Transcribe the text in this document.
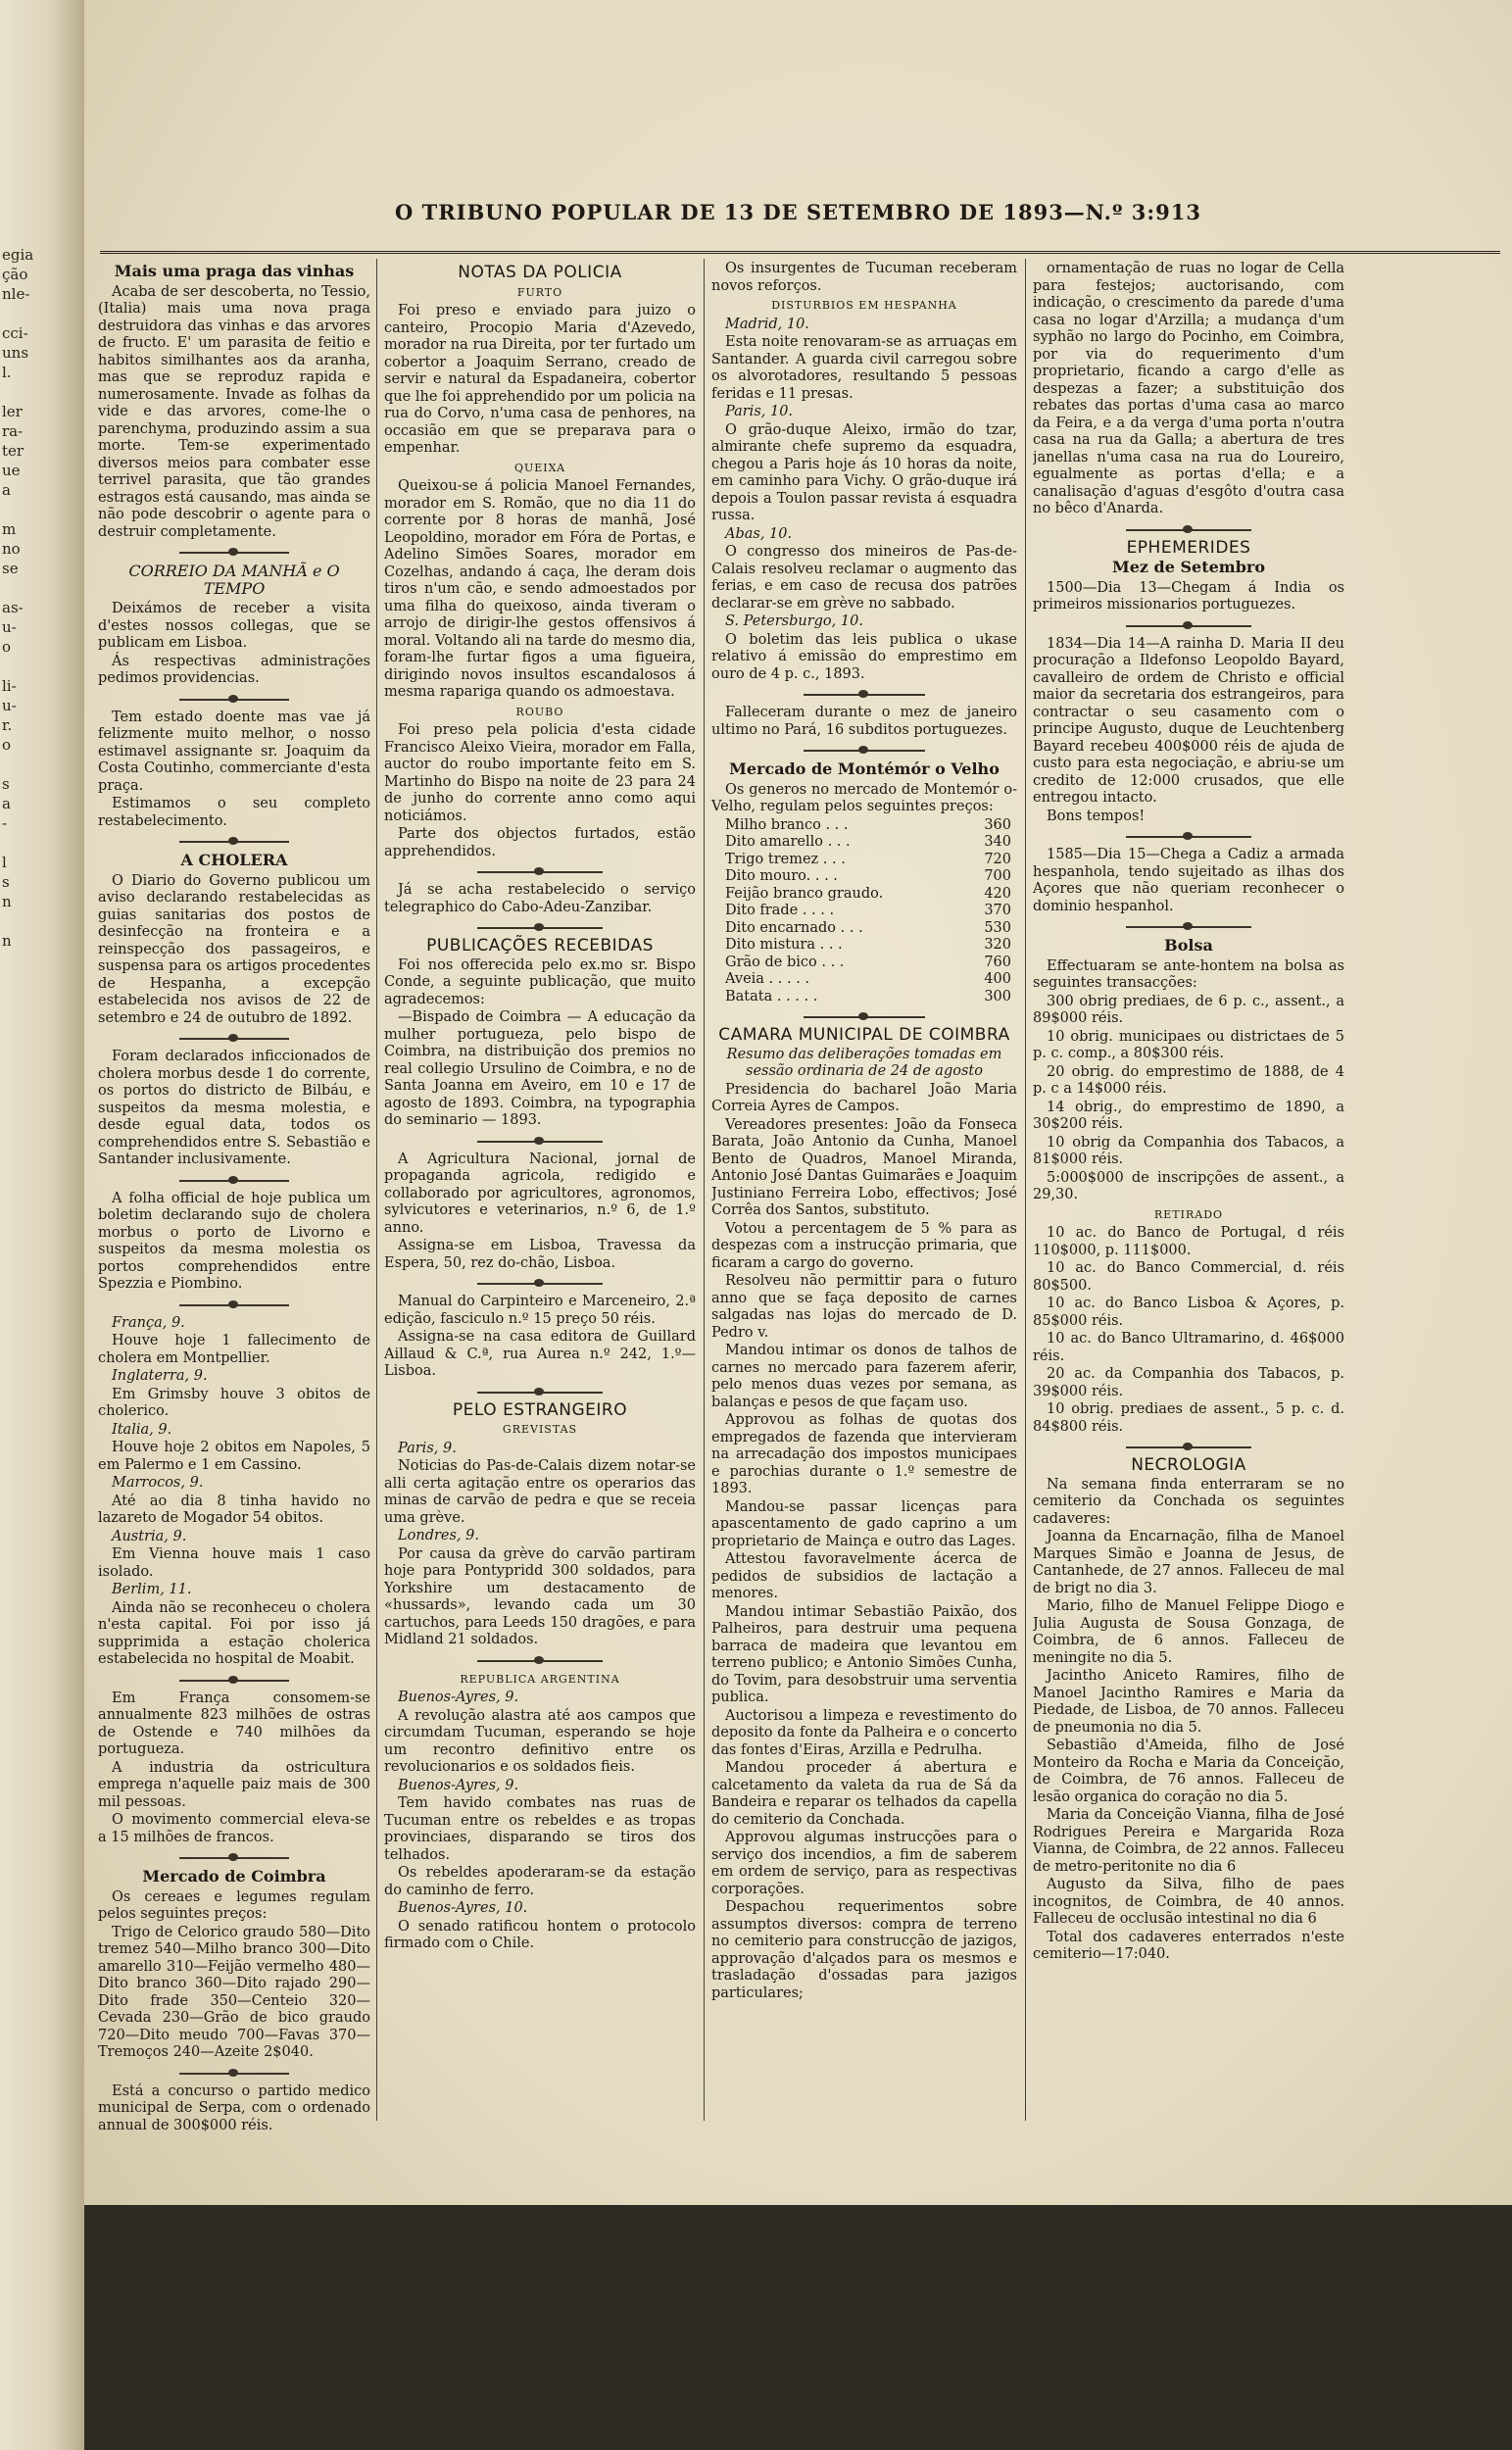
egia
ção
nle-

cci-
uns
l.

ler
ra-
ter
ue
a

m
no
se

as-
u-
o

li-
u-
r.
o

s
a
-

l
s
n

n
O TRIBUNO POPULAR DE 13 DE SETEMBRO DE 1893—N.º 3:913
Mais uma praga das vinhas
Acaba de ser descoberta, no Tessio, (Italia) mais uma nova praga destruidora das vinhas e das arvores de fructo. E' um parasita de feitio e habitos similhantes aos da aranha, mas que se reproduz rapida e numerosamente. Invade as folhas da vide e das arvores, come-lhe o parenchyma, produzindo assim a sua morte. Tem-se experimentado diversos meios para combater esse terrivel parasita, que tão grandes estragos está causando, mas ainda se não pode descobrir o agente para o destruir completamente.
CORREIO DA MANHÃ e O TEMPO
Deixámos de receber a visita d'estes nossos collegas, que se publicam em Lisboa.
Ás respectivas administrações pedimos providencias.
Tem estado doente mas vae já felizmente muito melhor, o nosso estimavel assignante sr. Joaquim da Costa Coutinho, commerciante d'esta praça.
Estimamos o seu completo restabelecimento.
A CHOLERA
O Diario do Governo publicou um aviso declarando restabelecidas as guias sanitarias dos postos de desinfecção na fronteira e a reinspecção dos passageiros, e suspensa para os artigos procedentes de Hespanha, a excepção estabelecida nos avisos de 22 de setembro e 24 de outubro de 1892.
Foram declarados inficcionados de cholera morbus desde 1 do corrente, os portos do districto de Bilbáu, e suspeitos da mesma molestia, e desde egual data, todos os comprehendidos entre S. Sebastião e Santander inclusivamente.
A folha official de hoje publica um boletim declarando sujo de cholera morbus o porto de Livorno e suspeitos da mesma molestia os portos comprehendidos entre Spezzia e Piombino.
França, 9.
Houve hoje 1 fallecimento de cholera em Montpellier.
Inglaterra, 9.
Em Grimsby houve 3 obitos de cholerico.
Italia, 9.
Houve hoje 2 obitos em Napoles, 5 em Palermo e 1 em Cassino.
Marrocos, 9.
Até ao dia 8 tinha havido no lazareto de Mogador 54 obitos.
Austria, 9.
Em Vienna houve mais 1 caso isolado.
Berlim, 11.
Ainda não se reconheceu o cholera n'esta capital. Foi por isso já supprimida a estação cholerica estabelecida no hospital de Moabit.
Em França consomem-se annualmente 823 milhões de ostras de Ostende e 740 milhões da portugueza.
A industria da ostricultura emprega n'aquelle paiz mais de 300 mil pessoas.
O movimento commercial eleva-se a 15 milhões de francos.
Mercado de Coimbra
Os cereaes e legumes regulam pelos seguintes preços:
Trigo de Celorico graudo 580—Dito tremez 540—Milho branco 300—Dito amarello 310—Feijão vermelho 480—Dito branco 360—Dito rajado 290—Dito frade 350—Centeio 320—Cevada 230—Grão de bico graudo 720—Dito meudo 700—Favas 370—Tremoços 240—Azeite 2$040.
Está a concurso o partido medico municipal de Serpa, com o ordenado annual de 300$000 réis.
NOTAS DA POLICIA
FURTO
Foi preso e enviado para juizo o canteiro, Procopio Maria d'Azevedo, morador na rua Direita, por ter furtado um cobertor a Joaquim Serrano, creado de servir e natural da Espadaneira, cobertor que lhe foi apprehendido por um policia na rua do Corvo, n'uma casa de penhores, na occasião em que se preparava para o empenhar.
QUEIXA
Queixou-se á policia Manoel Fernandes, morador em S. Romão, que no dia 11 do corrente por 8 horas de manhã, José Leopoldino, morador em Fóra de Portas, e Adelino Simões Soares, morador em Cozelhas, andando á caça, lhe deram dois tiros n'um cão, e sendo admoestados por uma filha do queixoso, ainda tiveram o arrojo de dirigir-lhe gestos offensivos á moral. Voltando ali na tarde do mesmo dia, foram-lhe furtar figos a uma figueira, dirigindo novos insultos escandalosos á mesma rapariga quando os admoestava.
ROUBO
Foi preso pela policia d'esta cidade Francisco Aleixo Vieira, morador em Falla, auctor do roubo importante feito em S. Martinho do Bispo na noite de 23 para 24 de junho do corrente anno como aqui noticiámos.
Parte dos objectos furtados, estão apprehendidos.
Já se acha restabelecido o serviço telegraphico do Cabo-Adeu-Zanzibar.
PUBLICAÇÕES RECEBIDAS
Foi nos offerecida pelo ex.mo sr. Bispo Conde, a seguinte publicação, que muito agradecemos:
—Bispado de Coimbra — A educação da mulher portugueza, pelo bispo de Coimbra, na distribuição dos premios no real collegio Ursulino de Coimbra, e no de Santa Joanna em Aveiro, em 10 e 17 de agosto de 1893. Coimbra, na typographia do seminario — 1893.
A Agricultura Nacional, jornal de propaganda agricola, redigido e collaborado por agricultores, agronomos, sylvicutores e veterinarios, n.º 6, de 1.º anno.
Assigna-se em Lisboa, Travessa da Espera, 50, rez do-chão, Lisboa.
Manual do Carpinteiro e Marceneiro, 2.ª edição, fasciculo n.º 15 preço 50 réis.
Assigna-se na casa editora de Guillard Aillaud & C.ª, rua Aurea n.º 242, 1.º—Lisboa.
PELO ESTRANGEIRO
GREVISTAS
Paris, 9.
Noticias do Pas-de-Calais dizem notar-se alli certa agitação entre os operarios das minas de carvão de pedra e que se receia uma grève.
Londres, 9.
Por causa da grève do carvão partiram hoje para Pontypridd 300 soldados, para Yorkshire um destacamento de «hussards», levando cada um 30 cartuchos, para Leeds 150 dragões, e para Midland 21 soldados.
REPUBLICA ARGENTINA
Buenos-Ayres, 9.
A revolução alastra até aos campos que circumdam Tucuman, esperando se hoje um recontro definitivo entre os revolucionarios e os soldados fieis.
Buenos-Ayres, 9.
Tem havido combates nas ruas de Tucuman entre os rebeldes e as tropas provinciaes, disparando se tiros dos telhados.
Os rebeldes apoderaram-se da estação do caminho de ferro.
Buenos-Ayres, 10.
O senado ratificou hontem o protocolo firmado com o Chile.
Os insurgentes de Tucuman receberam novos reforços.
DISTURBIOS EM HESPANHA
Madrid, 10.
Esta noite renovaram-se as arruaças em Santander. A guarda civil carregou sobre os alvorotadores, resultando 5 pessoas feridas e 11 presas.
Paris, 10.
O grão-duque Aleixo, irmão do tzar, almirante chefe supremo da esquadra, chegou a Paris hoje ás 10 horas da noite, em caminho para Vichy. O grão-duque irá depois a Toulon passar revista á esquadra russa.
Abas, 10.
O congresso dos mineiros de Pas-de-Calais resolveu reclamar o augmento das ferias, e em caso de recusa dos patrões declarar-se em grève no sabbado.
S. Petersburgo, 10.
O boletim das leis publica o ukase relativo á emissão do emprestimo em ouro de 4 p. c., 1893.
Falleceram durante o mez de janeiro ultimo no Pará, 16 subditos portuguezes.
Mercado de Montémór o Velho
Os generos no mercado de Montemór o-Velho, regulam pelos seguintes preços:
Milho branco . . .	360
Dito amarello . . .	340
Trigo tremez . . .	720
Dito mouro. . . .	700
Feijão branco graudo.	420
Dito frade . . . .	370
Dito encarnado . . .	530
Dito mistura . . .	320
Grão de bico . . .	760
Aveia . . . . .	400
Batata . . . . .	300
CAMARA MUNICIPAL DE COIMBRA
Resumo das deliberações tomadas em sessão ordinaria de 24 de agosto
Presidencia do bacharel João Maria Correia Ayres de Campos.
Vereadores presentes: João da Fonseca Barata, João Antonio da Cunha, Manoel Bento de Quadros, Manoel Miranda, Antonio José Dantas Guimarães e Joaquim Justiniano Ferreira Lobo, effectivos; José Corrêa dos Santos, substituto.
Votou a percentagem de 5 % para as despezas com a instrucção primaria, que ficaram a cargo do governo.
Resolveu não permittir para o futuro anno que se faça deposito de carnes salgadas nas lojas do mercado de D. Pedro v.
Mandou intimar os donos de talhos de carnes no mercado para fazerem aferir, pelo menos duas vezes por semana, as balanças e pesos de que façam uso.
Approvou as folhas de quotas dos empregados de fazenda que intervieram na arrecadação dos impostos municipaes e parochias durante o 1.º semestre de 1893.
Mandou-se passar licenças para apascentamento de gado caprino a um proprietario de Mainça e outro das Lages.
Attestou favoravelmente ácerca de pedidos de subsidios de lactação a menores.
Mandou intimar Sebastião Paixão, dos Palheiros, para destruir uma pequena barraca de madeira que levantou em terreno publico; e Antonio Simões Cunha, do Tovim, para desobstruir uma serventia publica.
Auctorisou a limpeza e revestimento do deposito da fonte da Palheira e o concerto das fontes d'Eiras, Arzilla e Pedrulha.
Mandou proceder á abertura e calcetamento da valeta da rua de Sá da Bandeira e reparar os telhados da capella do cemiterio da Conchada.
Approvou algumas instrucções para o serviço dos incendios, a fim de saberem em ordem de serviço, para as respectivas corporações.
Despachou requerimentos sobre assumptos diversos: compra de terreno no cemiterio para construcção de jazigos, approvação d'alçados para os mesmos e trasladação d'ossadas para jazigos particulares;
ornamentação de ruas no logar de Cella para festejos; auctorisando, com indicação, o crescimento da parede d'uma casa no logar d'Arzilla; a mudança d'um syphão no largo do Pocinho, em Coimbra, por via do requerimento d'um proprietario, ficando a cargo d'elle as despezas a fazer; a substituição dos rebates das portas d'uma casa ao marco da Feira, e a da verga d'uma porta n'outra casa na rua da Galla; a abertura de tres janellas n'uma casa na rua do Loureiro, egualmente as portas d'ella; e a canalisação d'aguas d'esgôto d'outra casa no bêco d'Anarda.
EPHEMERIDES
Mez de Setembro
1500—Dia 13—Chegam á India os primeiros missionarios portuguezes.
1834—Dia 14—A rainha D. Maria II deu procuração a Ildefonso Leopoldo Bayard, cavalleiro de ordem de Christo e official maior da secretaria dos estrangeiros, para contractar o seu casamento com o principe Augusto, duque de Leuchtenberg Bayard recebeu 400$000 réis de ajuda de custo para esta negociação, e abriu-se um credito de 12:000 crusados, que elle entregou intacto.
Bons tempos!
1585—Dia 15—Chega a Cadiz a armada hespanhola, tendo sujeitado as ilhas dos Açores que não queriam reconhecer o dominio hespanhol.
Bolsa
Effectuaram se ante-hontem na bolsa as seguintes transacções:
300 obrig prediaes, de 6 p. c., assent., a 89$000 réis.
10 obrig. municipaes ou districtaes de 5 p. c. comp., a 80$300 réis.
20 obrig. do emprestimo de 1888, de 4 p. c a 14$000 réis.
14 obrig., do emprestimo de 1890, a 30$200 réis.
10 obrig da Companhia dos Tabacos, a 81$000 réis.
5:000$000 de inscripções de assent., a 29,30.
RETIRADO
10 ac. do Banco de Portugal, d réis 110$000, p. 111$000.
10 ac. do Banco Commercial, d. réis 80$500.
10 ac. do Banco Lisboa & Açores, p. 85$000 réis.
10 ac. do Banco Ultramarino, d. 46$000 réis.
20 ac. da Companhia dos Tabacos, p. 39$000 réis.
10 obrig. prediaes de assent., 5 p. c. d. 84$800 réis.
NECROLOGIA
Na semana finda enterraram se no cemiterio da Conchada os seguintes cadaveres:
Joanna da Encarnação, filha de Manoel Marques Simão e Joanna de Jesus, de Cantanhede, de 27 annos. Falleceu de mal de brigt no dia 3.
Mario, filho de Manuel Felippe Diogo e Julia Augusta de Sousa Gonzaga, de Coimbra, de 6 annos. Falleceu de meningite no dia 5.
Jacintho Aniceto Ramires, filho de Manoel Jacintho Ramires e Maria da Piedade, de Lisboa, de 70 annos. Falleceu de pneumonia no dia 5.
Sebastião d'Ameida, filho de José Monteiro da Rocha e Maria da Conceição, de Coimbra, de 76 annos. Falleceu de lesão organica do coração no dia 5.
Maria da Conceição Vianna, filha de José Rodrigues Pereira e Margarida Roza Vianna, de Coimbra, de 22 annos. Falleceu de metro-peritonite no dia 6
Augusto da Silva, filho de paes incognitos, de Coimbra, de 40 annos. Falleceu de occlusão intestinal no dia 6
Total dos cadaveres enterrados n'este cemiterio—17:040.
